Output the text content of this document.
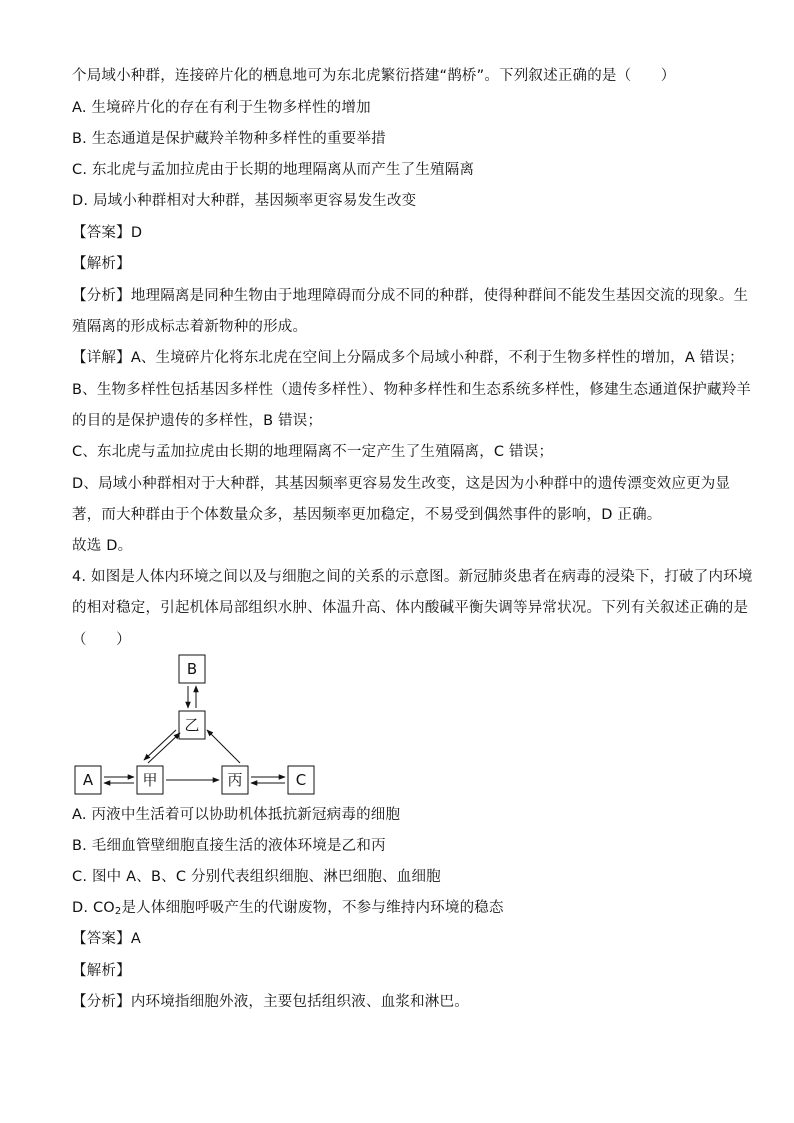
个局域小种群，连接碎片化的栖息地可为东北虎繁衍搭建“鹊桥”。下列叙述正确的是（　　）
A. 生境碎片化的存在有利于生物多样性的增加
B. 生态通道是保护藏羚羊物种多样性的重要举措
C. 东北虎与孟加拉虎由于长期的地理隔离从而产生了生殖隔离
D. 局域小种群相对大种群，基因频率更容易发生改变
【答案】D
【解析】
【分析】地理隔离是同种生物由于地理障碍而分成不同的种群，使得种群间不能发生基因交流的现象。生
殖隔离的形成标志着新物种的形成。
【详解】A、生境碎片化将东北虎在空间上分隔成多个局域小种群，不利于生物多样性的增加，A 错误；
B、生物多样性包括基因多样性（遗传多样性）、物种多样性和生态系统多样性，修建生态通道保护藏羚羊
的目的是保护遗传的多样性，B 错误；
C、东北虎与孟加拉虎由长期的地理隔离不一定产生了生殖隔离，C 错误；
D、局域小种群相对于大种群，其基因频率更容易发生改变，这是因为小种群中的遗传漂变效应更为显
著，而大种群由于个体数量众多，基因频率更加稳定，不易受到偶然事件的影响，D 正确。
故选 D。
4. 如图是人体内环境之间以及与细胞之间的关系的示意图。新冠肺炎患者在病毒的浸染下，打破了内环境
的相对稳定，引起机体局部组织水肿、体温升高、体内酸碱平衡失调等异常状况。下列有关叙述正确的是
（　　）
B
乙
A	甲	丙	C
A. 丙液中生活着可以协助机体抵抗新冠病毒的细胞
B. 毛细血管壁细胞直接生活的液体环境是乙和丙
C. 图中 A、B、C 分别代表组织细胞、淋巴细胞、血细胞
D. $CO_2$是人体细胞呼吸产生的代谢废物，不参与维持内环境的稳态
【答案】A
【解析】
【分析】内环境指细胞外液，主要包括组织液、血浆和淋巴。
